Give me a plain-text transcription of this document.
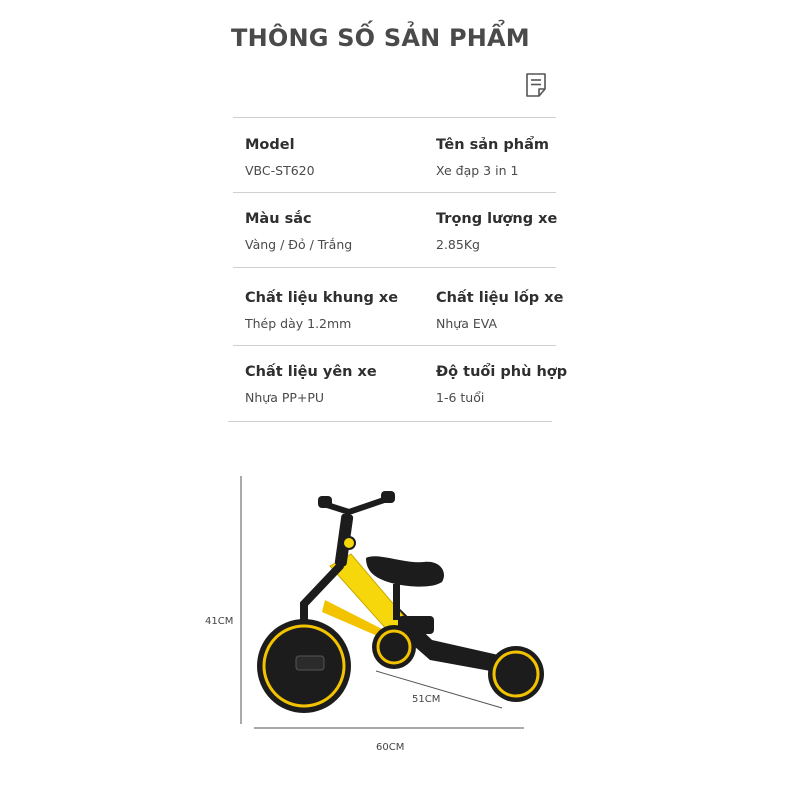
THÔNG SỐ SẢN PHẨM
Model
VBC-ST620
Tên sản phẩm
Xe đạp 3 in 1
Màu sắc
Vàng / Đỏ / Trắng
Trọng lượng xe
2.85Kg
Chất liệu khung xe
Thép dày 1.2mm
Chất liệu lốp xe
Nhựa EVA
Chất liệu yên xe
Nhựa PP+PU
Độ tuổi phù hợp
1-6 tuổi
41CM
60CM
51CM
